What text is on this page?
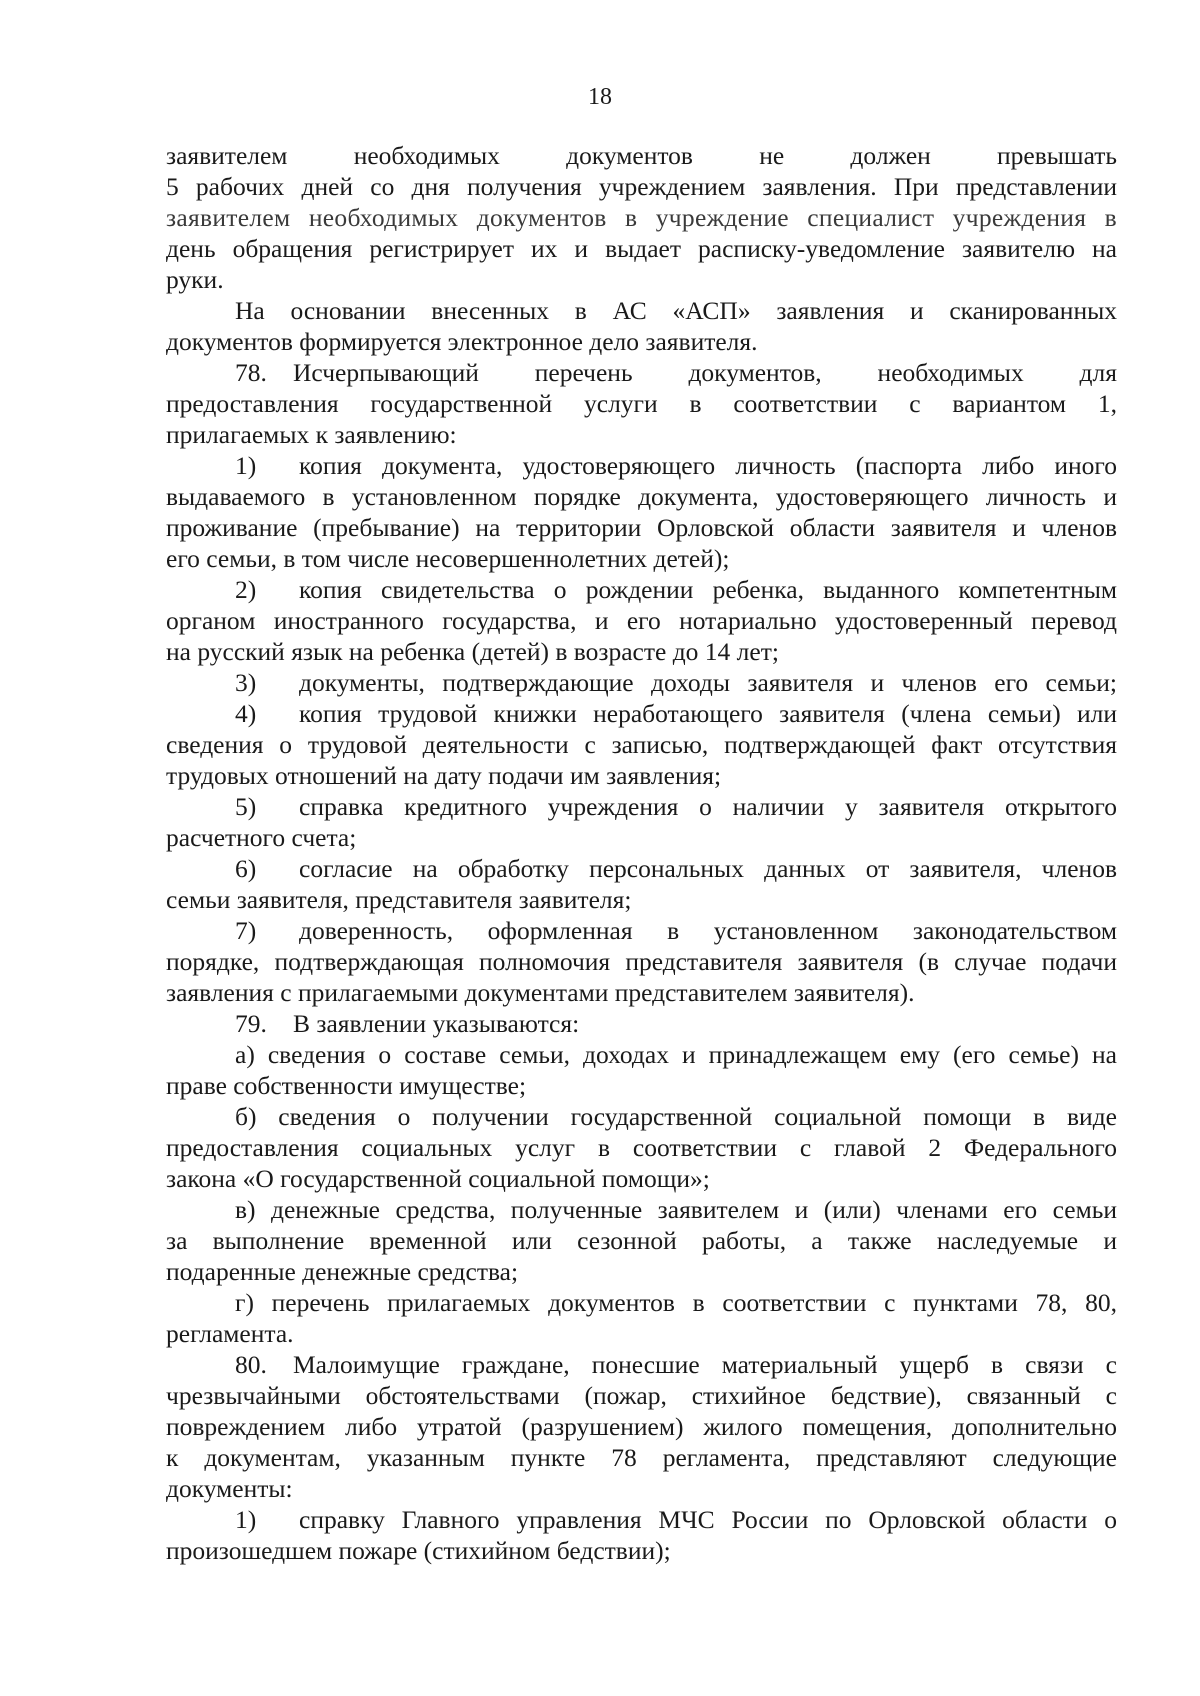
18
заявителем необходимых документов не должен превышать
5 рабочих дней со дня получения учреждением заявления. При представлении
заявителем необходимых документов в учреждение специалист учреждения в
день обращения регистрирует их и выдает расписку-уведомление заявителю на
руки.
На основании внесенных в АС «АСП» заявления и сканированных
документов формируется электронное дело заявителя.
78. Исчерпывающий перечень документов, необходимых для
предоставления государственной услуги в соответствии с вариантом 1,
прилагаемых к заявлению:
1) копия документа, удостоверяющего личность (паспорта либо иного
выдаваемого в установленном порядке документа, удостоверяющего личность и
проживание (пребывание) на территории Орловской области заявителя и членов
его семьи, в том числе несовершеннолетних детей);
2) копия свидетельства о рождении ребенка, выданного компетентным
органом иностранного государства, и его нотариально удостоверенный перевод
на русский язык на ребенка (детей) в возрасте до 14 лет;
3) документы, подтверждающие доходы заявителя и членов его семьи;
4) копия трудовой книжки неработающего заявителя (члена семьи) или
сведения о трудовой деятельности с записью, подтверждающей факт отсутствия
трудовых отношений на дату подачи им заявления;
5) справка кредитного учреждения о наличии у заявителя открытого
расчетного счета;
6) согласие на обработку персональных данных от заявителя, членов
семьи заявителя, представителя заявителя;
7) доверенность, оформленная в установленном законодательством
порядке, подтверждающая полномочия представителя заявителя (в случае подачи
заявления с прилагаемыми документами представителем заявителя).
79. В заявлении указываются:
а) сведения о составе семьи, доходах и принадлежащем ему (его семье) на
праве собственности имуществе;
б) сведения о получении государственной социальной помощи в виде
предоставления социальных услуг в соответствии с главой 2 Федерального
закона «О государственной социальной помощи»;
в) денежные средства, полученные заявителем и (или) членами его семьи
за выполнение временной или сезонной работы, а также наследуемые и
подаренные денежные средства;
г) перечень прилагаемых документов в соответствии с пунктами 78, 80,
регламента.
80. Малоимущие граждане, понесшие материальный ущерб в связи с
чрезвычайными обстоятельствами (пожар, стихийное бедствие), связанный с
повреждением либо утратой (разрушением) жилого помещения, дополнительно
к документам, указанным пункте 78 регламента, представляют следующие
документы:
1) справку Главного управления МЧС России по Орловской области о
произошедшем пожаре (стихийном бедствии);
